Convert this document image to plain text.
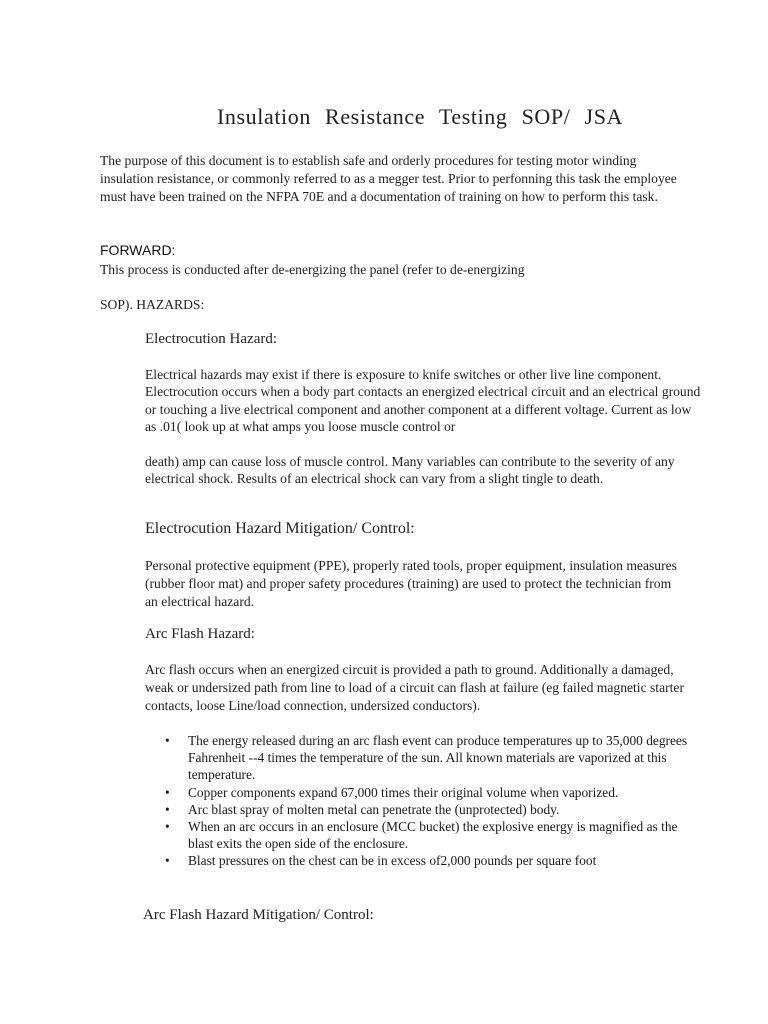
Insulation Resistance Testing SOP/ JSA
The purpose of this document is to establish safe and orderly procedures for testing motor winding insulation resistance, or commonly referred to as a megger test. Prior to perfonning this task the employee must have been trained on the NFPA 70E and a documentation of training on how to perform this task.
FORWARD:
This process is conducted after de-energizing the panel (refer to de-energizing
SOP). HAZARDS:
Electrocution Hazard:
Electrical hazards may exist if there is exposure to knife switches or other live line component. Electrocution occurs when a body part contacts an energized electrical circuit and an electrical ground or touching a live electrical component and another component at a different voltage. Current as low as .01( look up at what amps you loose muscle control or
death) amp can cause loss of muscle control. Many variables can contribute to the severity of any electrical shock. Results of an electrical shock can vary from a slight tingle to death.
Electrocution Hazard Mitigation/ Control:
Personal protective equipment (PPE), properly rated tools, proper equipment, insulation measures (rubber floor mat) and proper safety procedures (training) are used to protect the technician from an electrical hazard.
Arc Flash Hazard:
Arc flash occurs when an energized circuit is provided a path to ground. Additionally a damaged, weak or undersized path from line to load of a circuit can flash at failure (eg failed magnetic starter contacts, loose Line/load connection, undersized conductors).
• The energy released during an arc flash event can produce temperatures up to 35,000 degrees Fahrenheit --4 times the temperature of the sun. All known materials are vaporized at this temperature.
• Copper components expand 67,000 times their original volume when vaporized.
• Arc blast spray of molten metal can penetrate the (unprotected) body.
• When an arc occurs in an enclosure (MCC bucket) the explosive energy is magnified as the blast exits the open side of the enclosure.
• Blast pressures on the chest can be in excess of2,000 pounds per square foot
Arc Flash Hazard Mitigation/ Control:
